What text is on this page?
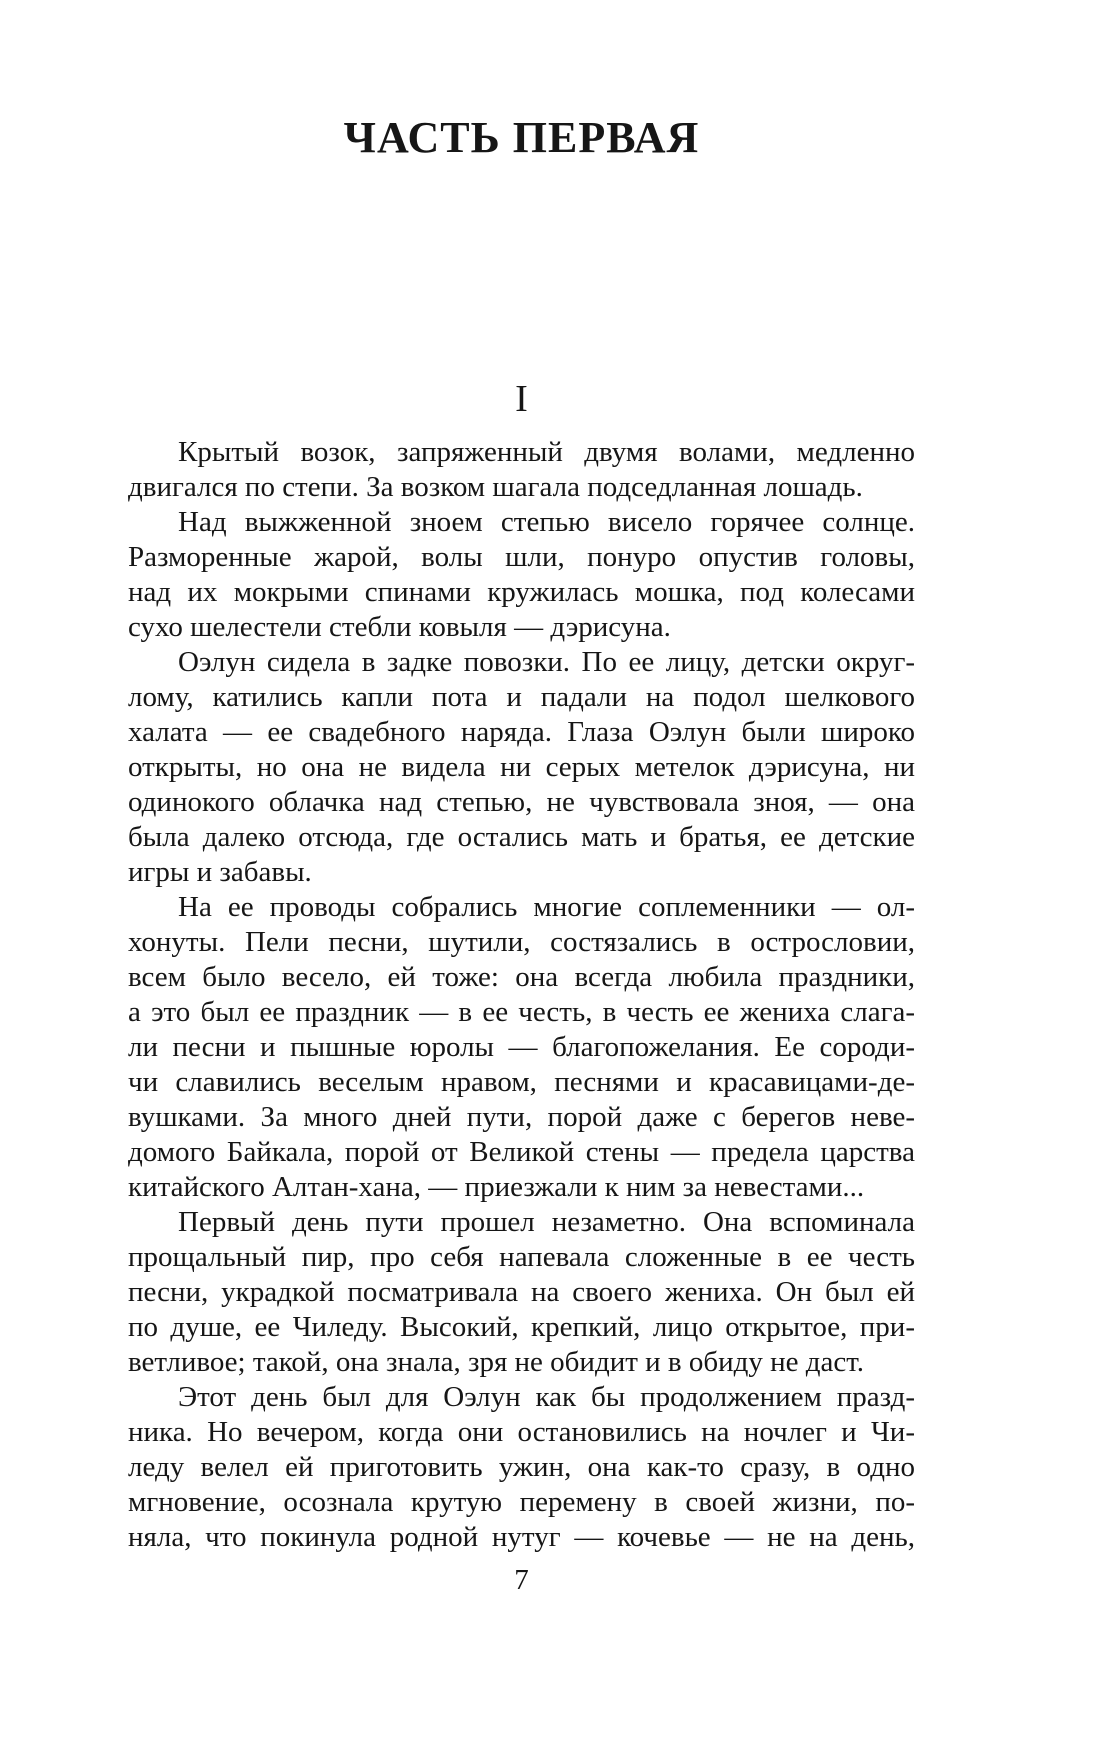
ЧАСТЬ ПЕРВАЯ
I
Крытый возок, запряженный двумя волами, медленно
двигался по степи. За возком шагала подседланная лошадь.
Над выжженной зноем степью висело горячее солнце.
Разморенные жарой, волы шли, понуро опустив головы,
над их мокрыми спинами кружилась мошка, под колесами
сухо шелестели стебли ковыля — дэрисуна.
Оэлун сидела в задке повозки. По ее лицу, детски округ-
лому, катились капли пота и падали на подол шелкового
халата — ее свадебного наряда. Глаза Оэлун были широко
открыты, но она не видела ни серых метелок дэрисуна, ни
одинокого облачка над степью, не чувствовала зноя, — она
была далеко отсюда, где остались мать и братья, ее детские
игры и забавы.
На ее проводы собрались многие соплеменники — ол-
хонуты. Пели песни, шутили, состязались в острословии,
всем было весело, ей тоже: она всегда любила праздники,
а это был ее праздник — в ее честь, в честь ее жениха слага-
ли песни и пышные юролы — благопожелания. Ее сороди-
чи славились веселым нравом, песнями и красавицами-де-
вушками. За много дней пути, порой даже с берегов неве-
домого Байкала, порой от Великой стены — предела царства
китайского Алтан-хана, — приезжали к ним за невестами...
Первый день пути прошел незаметно. Она вспоминала
прощальный пир, про себя напевала сложенные в ее честь
песни, украдкой посматривала на своего жениха. Он был ей
по душе, ее Чиледу. Высокий, крепкий, лицо открытое, при-
ветливое; такой, она знала, зря не обидит и в обиду не даст.
Этот день был для Оэлун как бы продолжением празд-
ника. Но вечером, когда они остановились на ночлег и Чи-
леду велел ей приготовить ужин, она как-то сразу, в одно
мгновение, осознала крутую перемену в своей жизни, по-
няла, что покинула родной нутуг — кочевье — не на день,
7
